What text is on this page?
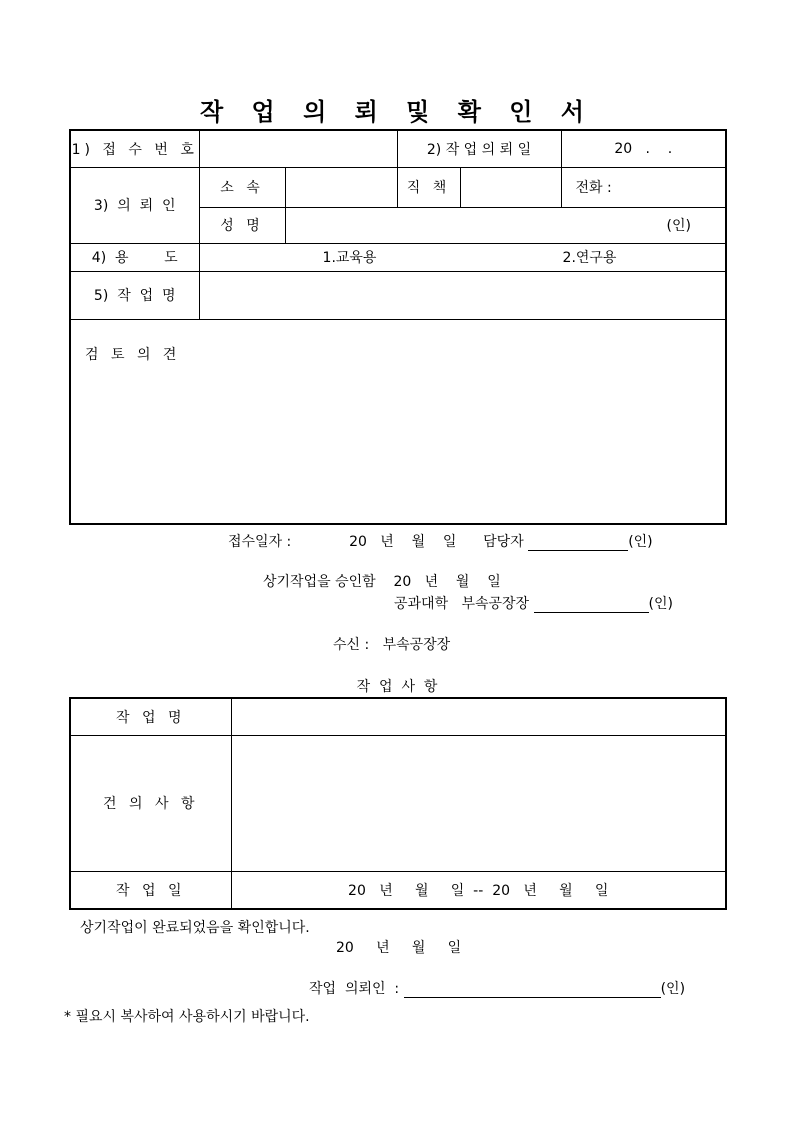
작 업 의 뢰 및 확 인 서
1) 접 수 번 호			2) 작 업 의 뢰 일		20   .    .
3)  의  뢰  인	소 속		직 책		전화 :
	성 명	(인)			
4)  용        도	1.교육용 2.연구용				
5)  작  업  명					
검 토 의 견					
접수일자 :             20   년    월    일      담당자	(인)
상기작업을 승인함    20   년    월    일
공과대학   부속공장장	(인)
수신 :   부속공장장
작  업  사  항
작 업 명	
건 의 사 항	
작 업 일	20   년     월     일  --  20   년     월     일
상기작업이 완료되었음을 확인합니다.
20     년     월     일
작업  의뢰인  :	(인)
* 필요시 복사하여 사용하시기 바랍니다.
